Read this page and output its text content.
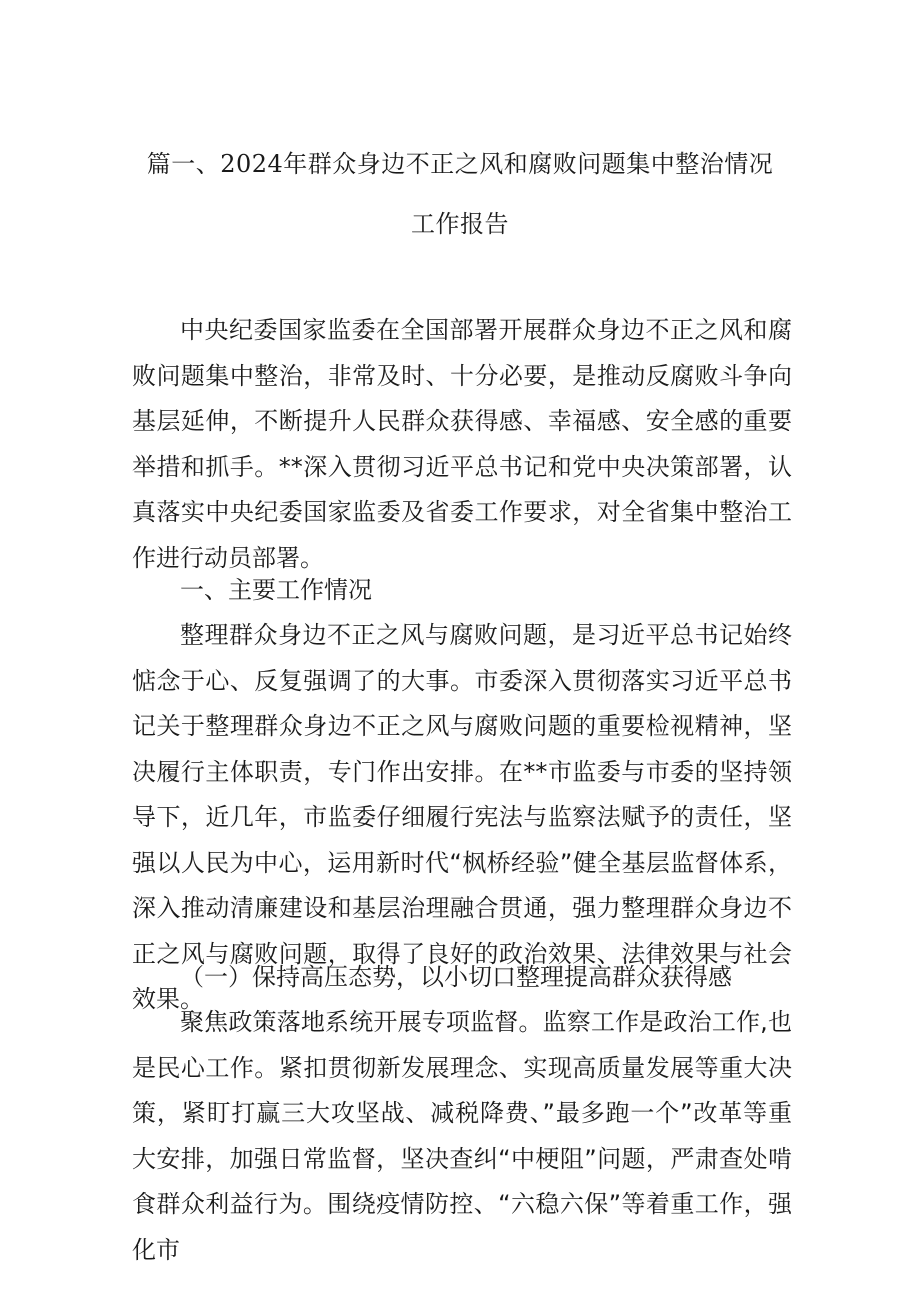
篇一、2024年群众身边不正之风和腐败问题集中整治情况
工作报告

中央纪委国家监委在全国部署开展群众身边不正之风和腐败问题集中整治，非常及时、十分必要，是推动反腐败斗争向基层延伸，不断提升人民群众获得感、幸福感、安全感的重要举措和抓手。**深入贯彻习近平总书记和党中央决策部署，认真落实中央纪委国家监委及省委工作要求，对全省集中整治工作进行动员部署。

一、主要工作情况

整理群众身边不正之风与腐败问题，是习近平总书记始终惦念于心、反复强调了的大事。市委深入贯彻落实习近平总书记关于整理群众身边不正之风与腐败问题的重要检视精神，坚决履行主体职责，专门作出安排。在**市监委与市委的坚持领导下，近几年，市监委仔细履行宪法与监察法赋予的责任，坚强以人民为中心，运用新时代“枫桥经验”健全基层监督体系，深入推动清廉建设和基层治理融合贯通，强力整理群众身边不正之风与腐败问题，取得了良好的政治效果、法律效果与社会效果。

（一）保持高压态势，以小切口整理提高群众获得感

聚焦政策落地系统开展专项监督。监察工作是政治工作,也是民心工作。紧扣贯彻新发展理念、实现高质量发展等重大决策，紧盯打赢三大攻坚战、减税降费、”最多跑一个”改革等重大安排，加强日常监督，坚决查纠“中梗阻”问题，严肃查处啃食群众利益行为。围绕疫情防控、“六稳六保”等着重工作，强化市
